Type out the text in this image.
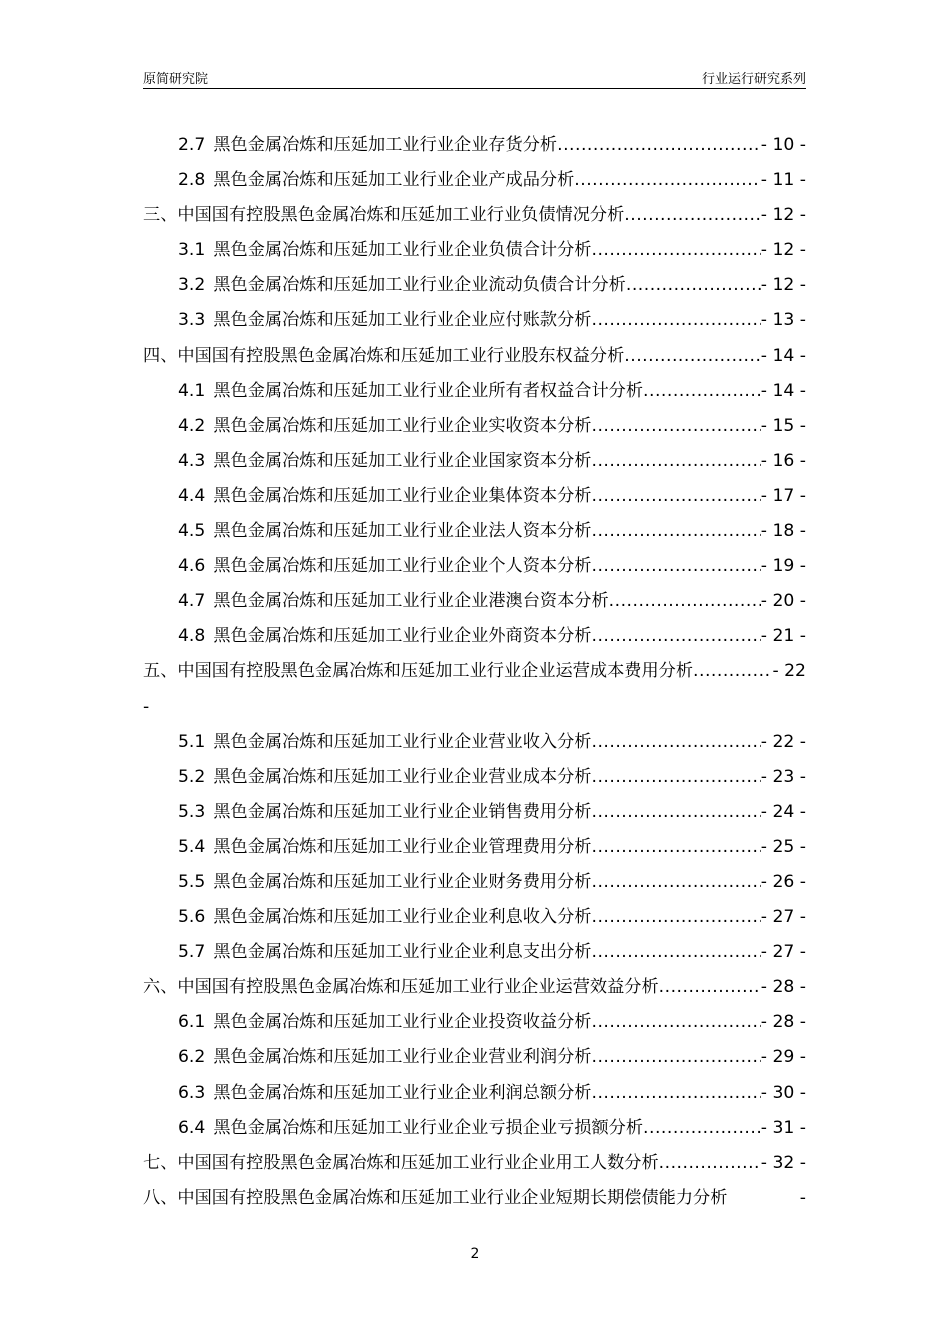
原简研究院	行业运行研究系列
2.7 黑色金属冶炼和压延加工业行业企业存货分析 .....	- 10 -
2.8 黑色金属冶炼和压延加工业行业企业产成品分析 .....	- 11 -
三、中国国有控股黑色金属冶炼和压延加工业行业负债情况分析 .....	- 12 -
3.1 黑色金属冶炼和压延加工业行业企业负债合计分析 .....	- 12 -
3.2 黑色金属冶炼和压延加工业行业企业流动负债合计分析 .....	- 12 -
3.3 黑色金属冶炼和压延加工业行业企业应付账款分析 .....	- 13 -
四、中国国有控股黑色金属冶炼和压延加工业行业股东权益分析 .....	- 14 -
4.1 黑色金属冶炼和压延加工业行业企业所有者权益合计分析 .....	- 14 -
4.2 黑色金属冶炼和压延加工业行业企业实收资本分析 .....	- 15 -
4.3 黑色金属冶炼和压延加工业行业企业国家资本分析 .....	- 16 -
4.4 黑色金属冶炼和压延加工业行业企业集体资本分析 .....	- 17 -
4.5 黑色金属冶炼和压延加工业行业企业法人资本分析 .....	- 18 -
4.6 黑色金属冶炼和压延加工业行业企业个人资本分析 .....	- 19 -
4.7 黑色金属冶炼和压延加工业行业企业港澳台资本分析 .....	- 20 -
4.8 黑色金属冶炼和压延加工业行业企业外商资本分析 .....	- 21 -
五、中国国有控股黑色金属冶炼和压延加工业行业企业运营成本费用分析 .....	- 22
-
5.1 黑色金属冶炼和压延加工业行业企业营业收入分析 .....	- 22 -
5.2 黑色金属冶炼和压延加工业行业企业营业成本分析 .....	- 23 -
5.3 黑色金属冶炼和压延加工业行业企业销售费用分析 .....	- 24 -
5.4 黑色金属冶炼和压延加工业行业企业管理费用分析 .....	- 25 -
5.5 黑色金属冶炼和压延加工业行业企业财务费用分析 .....	- 26 -
5.6 黑色金属冶炼和压延加工业行业企业利息收入分析 .....	- 27 -
5.7 黑色金属冶炼和压延加工业行业企业利息支出分析 .....	- 27 -
六、中国国有控股黑色金属冶炼和压延加工业行业企业运营效益分析 .....	- 28 -
6.1 黑色金属冶炼和压延加工业行业企业投资收益分析 .....	- 28 -
6.2 黑色金属冶炼和压延加工业行业企业营业利润分析 .....	- 29 -
6.3 黑色金属冶炼和压延加工业行业企业利润总额分析 .....	- 30 -
6.4 黑色金属冶炼和压延加工业行业企业亏损企业亏损额分析 .....	- 31 -
七、中国国有控股黑色金属冶炼和压延加工业行业企业用工人数分析 .....	- 32 -
八、中国国有控股黑色金属冶炼和压延加工业行业企业短期长期偿债能力分析	-
2
